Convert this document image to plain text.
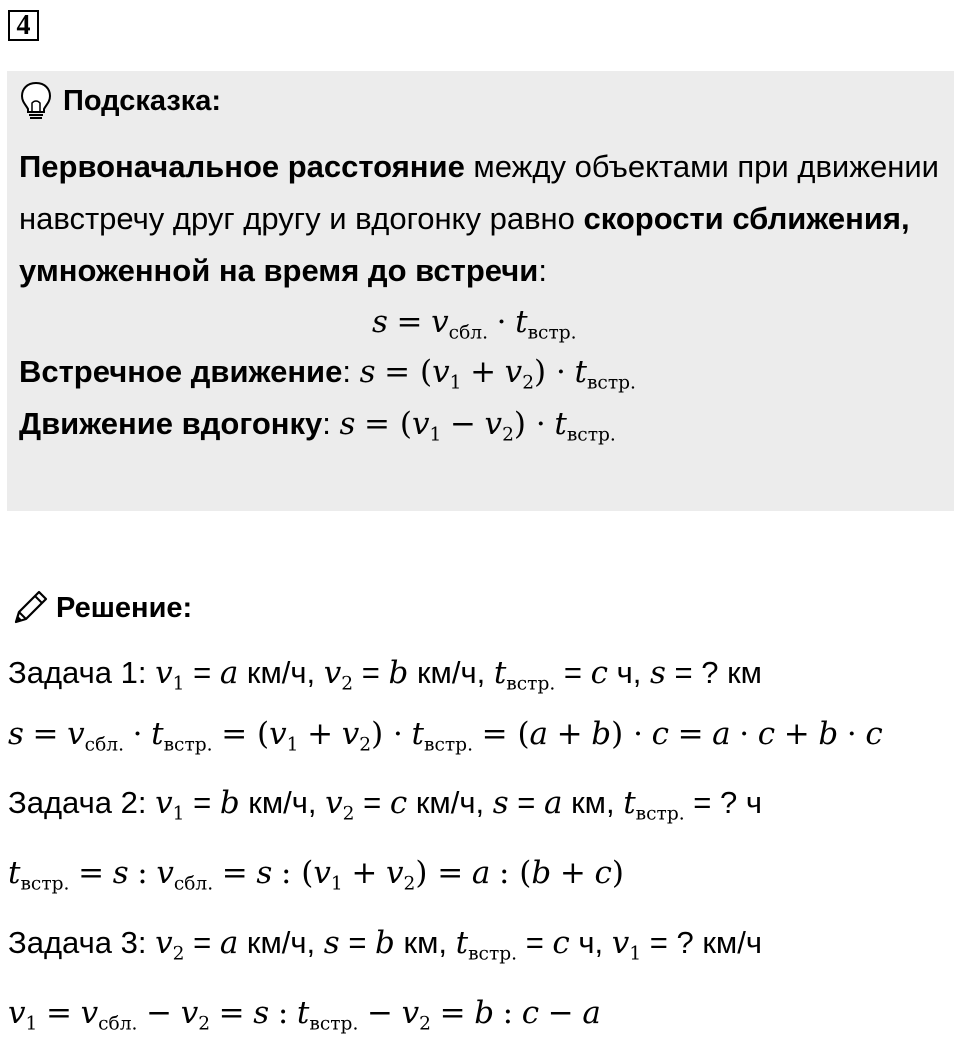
4
Подсказка:
Первоначальное расстояние между объектами при движении навстречу друг другу и вдогонку равно скорости сближения, умноженной на время до встречи:
$s = v_{сбл.} \cdot t_{встр.}$
Встречное движение: $s = (v_1 + v_2) \cdot t_{встр.}$
Движение вдогонку: $s = (v_1 - v_2) \cdot t_{встр.}$
Решение:
Задача 1: $v_1 = a$ км/ч, $v_2 = b$ км/ч, $t_{встр.} = c$ ч, s = ? км
$s = v_{сбл.} \cdot t_{встр.} = (v_1 + v_2) \cdot t_{встр.} = (a + b) \cdot c = a \cdot c + b \cdot c$
Задача 2: $v_1 = b$ км/ч, $v_2 = c$ км/ч, s = a км, $t_{встр.}$ = ? ч
$t_{встр.} = s$ : $v_{сбл.} = s$ : $(v_1 + v_2) = a$ : (b + c)
Задача 3: $v_2 = a$ км/ч, s = b км, $t_{встр.} = c$ ч, $v_1$ = ? км/ч
$v_1 = v_{сбл.} - v_2 = s$ : $t_{встр.} - v_2 = b$ : c − a
